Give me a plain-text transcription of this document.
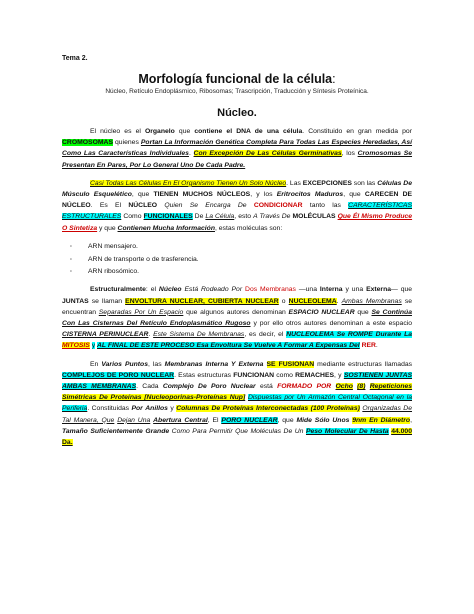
Tema 2.
Morfología funcional de la célula:
Núcleo, Retículo Endoplásmico, Ribosomas; Trascripción, Traducción y Síntesis Proteínica.
Núcleo.

El núcleo es el Organelo que contiene el DNA de una célula. Constituido en gran medida por CROMOSOMAS quienes Portan La Información Genética Completa Para Todas Las Especies Heredadas, Así Como Las Características Individuales. Con Excepción De Las Células Germinativas, los Cromosomas Se Presentan En Pares, Por Lo General Uno De Cada Padre.

Casi Todas Las Células En El Organismo Tienen Un Solo Núcleo. Las EXCEPCIONES son las Células De Músculo Esquelético, que TIENEN MUCHOS NÚCLEOS, y los Eritrocitos Maduros, que CARECEN DE NÚCLEO. Es El NÚCLEO Quien Se Encarga De CONDICIONAR tanto las CARACTERÍSTICAS ESTRUCTURALES Como FUNCIONALES De La Célula, esto A Través De MOLÉCULAS Que Él Mismo Produce O Sintetiza y que Contienen Mucha Información, estas moléculas son:

· ARN mensajero.
· ARN de transporte o de trasferencia.
· ARN ribosómico.

Estructuralmente: el Núcleo Está Rodeado Por Dos Membranas —una Interna y una Externa— que JUNTAS se llaman ENVOLTURA NUCLEAR, CUBIERTA NUCLEAR o NUCLEOLEMA. Ambas Membranas se encuentran Separadas Por Un Espacio que algunos autores denominan ESPACIO NUCLEAR que Se Continúa Con Las Cisternas Del Retículo Endoplasmático Rugoso y por ello otros autores denominan a este espacio CISTERNA PERINUCLEAR. Este Sistema De Membranas, es decir, el NUCLEOLEMA Se ROMPE Durante La MITOSIS y AL FINAL DE ESTE PROCESO Esa Envoltura Se Vuelve A Formar A Expensas Del RER.

En Varios Puntos, las Membranas Interna Y Externa SE FUSIONAN mediante estructuras llamadas COMPLEJOS DE PORO NUCLEAR. Estas estructuras FUNCIONAN como REMACHES, y SOSTIENEN JUNTAS AMBAS MEMBRANAS. Cada Complejo De Poro Nuclear está FORMADO POR Ocho (8) Repeticiones Simétricas De Proteínas [Nucleoporinas-Proteínas Nup] Dispuestas por Un Armazón Central Octagonal en la Periferia. Constituidas Por Anillos y Columnas De Proteínas Interconectadas (100 Proteínas) Organizadas De Tal Manera, Que Dejan Una Abertura Central, El PORO NUCLEAR, que Mide Sólo Unos 9nm En Diámetro, Tamaño Suficientemente Grande Como Para Permitir Que Moléculas De Un Peso Molecular De Hasta 44.000 Da.
